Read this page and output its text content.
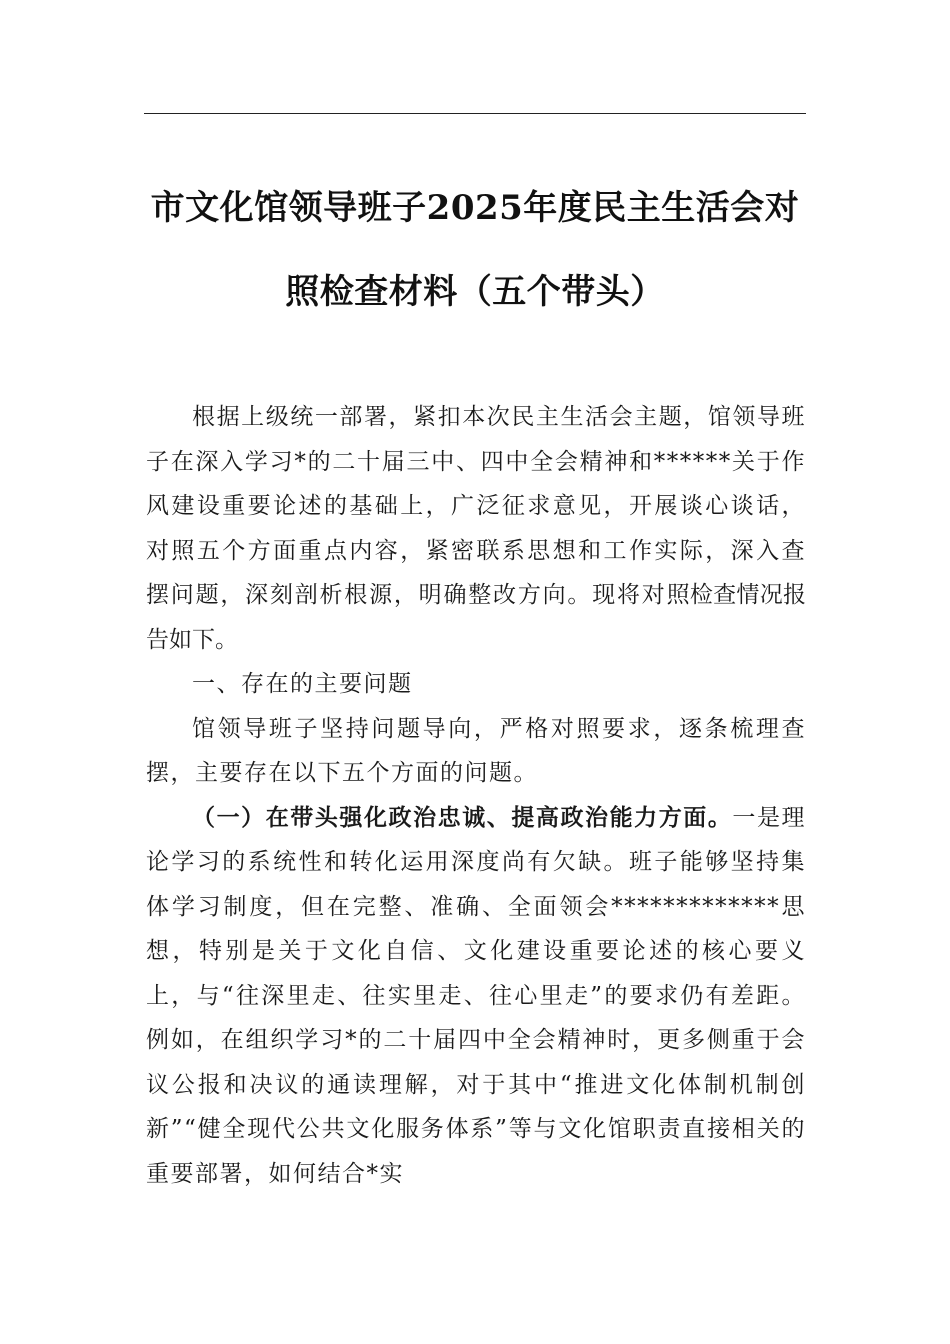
市文化馆领导班子2025年度民主生活会对
照检查材料（五个带头）

根据上级统一部署，紧扣本次民主生活会主题，馆领导班子在深入学习*的二十届三中、四中全会精神和******关于作风建设重要论述的基础上，广泛征求意见，开展谈心谈话，对照五个方面重点内容，紧密联系思想和工作实际，深入查摆问题，深刻剖析根源，明确整改方向。现将对照检查情况报告如下。

一、存在的主要问题

馆领导班子坚持问题导向，严格对照要求，逐条梳理查摆，主要存在以下五个方面的问题。

（一）在带头强化政治忠诚、提高政治能力方面。一是理论学习的系统性和转化运用深度尚有欠缺。班子能够坚持集体学习制度，但在完整、准确、全面领会*************思想，特别是关于文化自信、文化建设重要论述的核心要义上，与“往深里走、往实里走、往心里走”的要求仍有差距。例如，在组织学习*的二十届四中全会精神时，更多侧重于会议公报和决议的通读理解，对于其中“推进文化体制机制创新”“健全现代公共文化服务体系”等与文化馆职责直接相关的重要部署，如何结合*实
